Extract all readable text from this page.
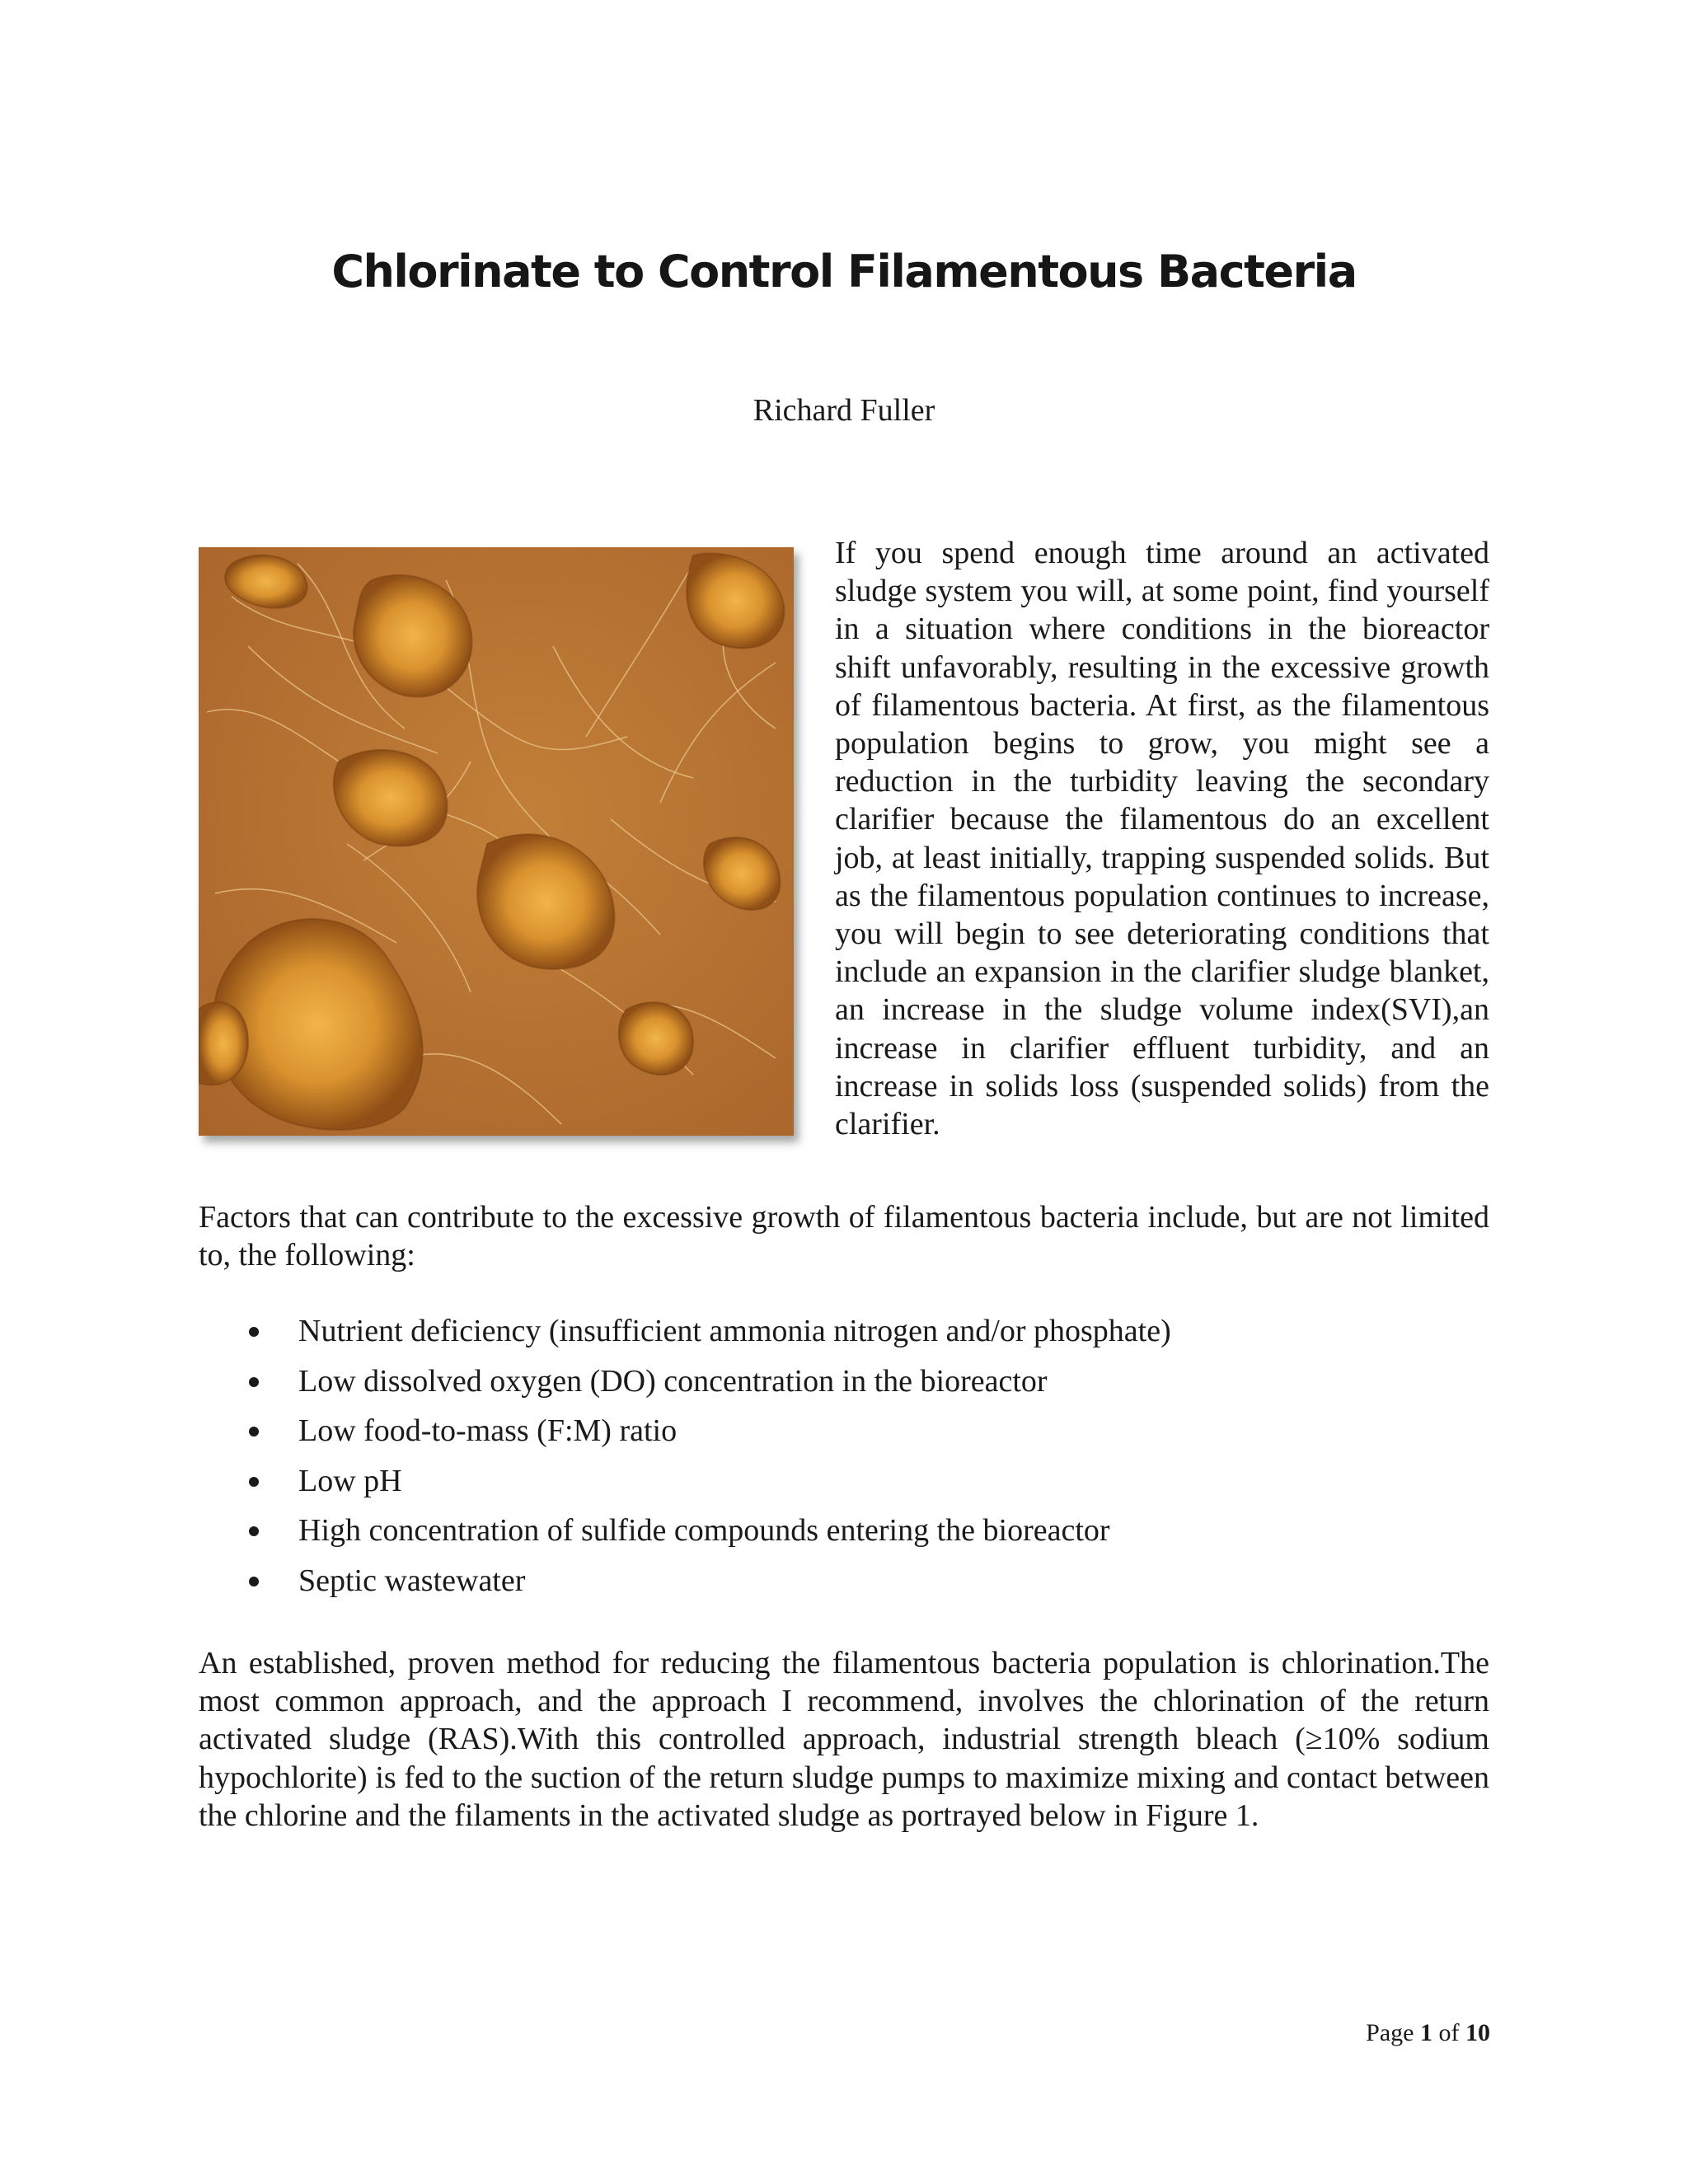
Chlorinate to Control Filamentous Bacteria

Richard Fuller

If you spend enough time around an activated sludge system you will, at some point, find yourself in a situation where conditions in the bioreactor shift unfavorably, resulting in the excessive growth of filamentous bacteria. At first, as the filamentous population begins to grow, you might see a reduction in the turbidity leaving the secondary clarifier because the filamentous do an excellent job, at least initially, trapping suspended solids. But as the filamentous population continues to increase, you will begin to see deteriorating conditions that include an expansion in the clarifier sludge blanket, an increase in the sludge volume index(SVI),an increase in clarifier effluent turbidity, and an increase in solids loss (suspended solids) from the clarifier.

Factors that can contribute to the excessive growth of filamentous bacteria include, but are not limited to, the following:

Nutrient deficiency (insufficient ammonia nitrogen and/or phosphate)
Low dissolved oxygen (DO) concentration in the bioreactor
Low food-to-mass (F:M) ratio
Low pH
High concentration of sulfide compounds entering the bioreactor
Septic wastewater

An established, proven method for reducing the filamentous bacteria population is chlorination.The most common approach, and the approach I recommend, involves the chlorination of the return activated sludge (RAS).With this controlled approach, industrial strength bleach (≥10% sodium hypochlorite) is fed to the suction of the return sludge pumps to maximize mixing and contact between the chlorine and the filaments in the activated sludge as portrayed below in Figure 1.

Page 1 of 10
